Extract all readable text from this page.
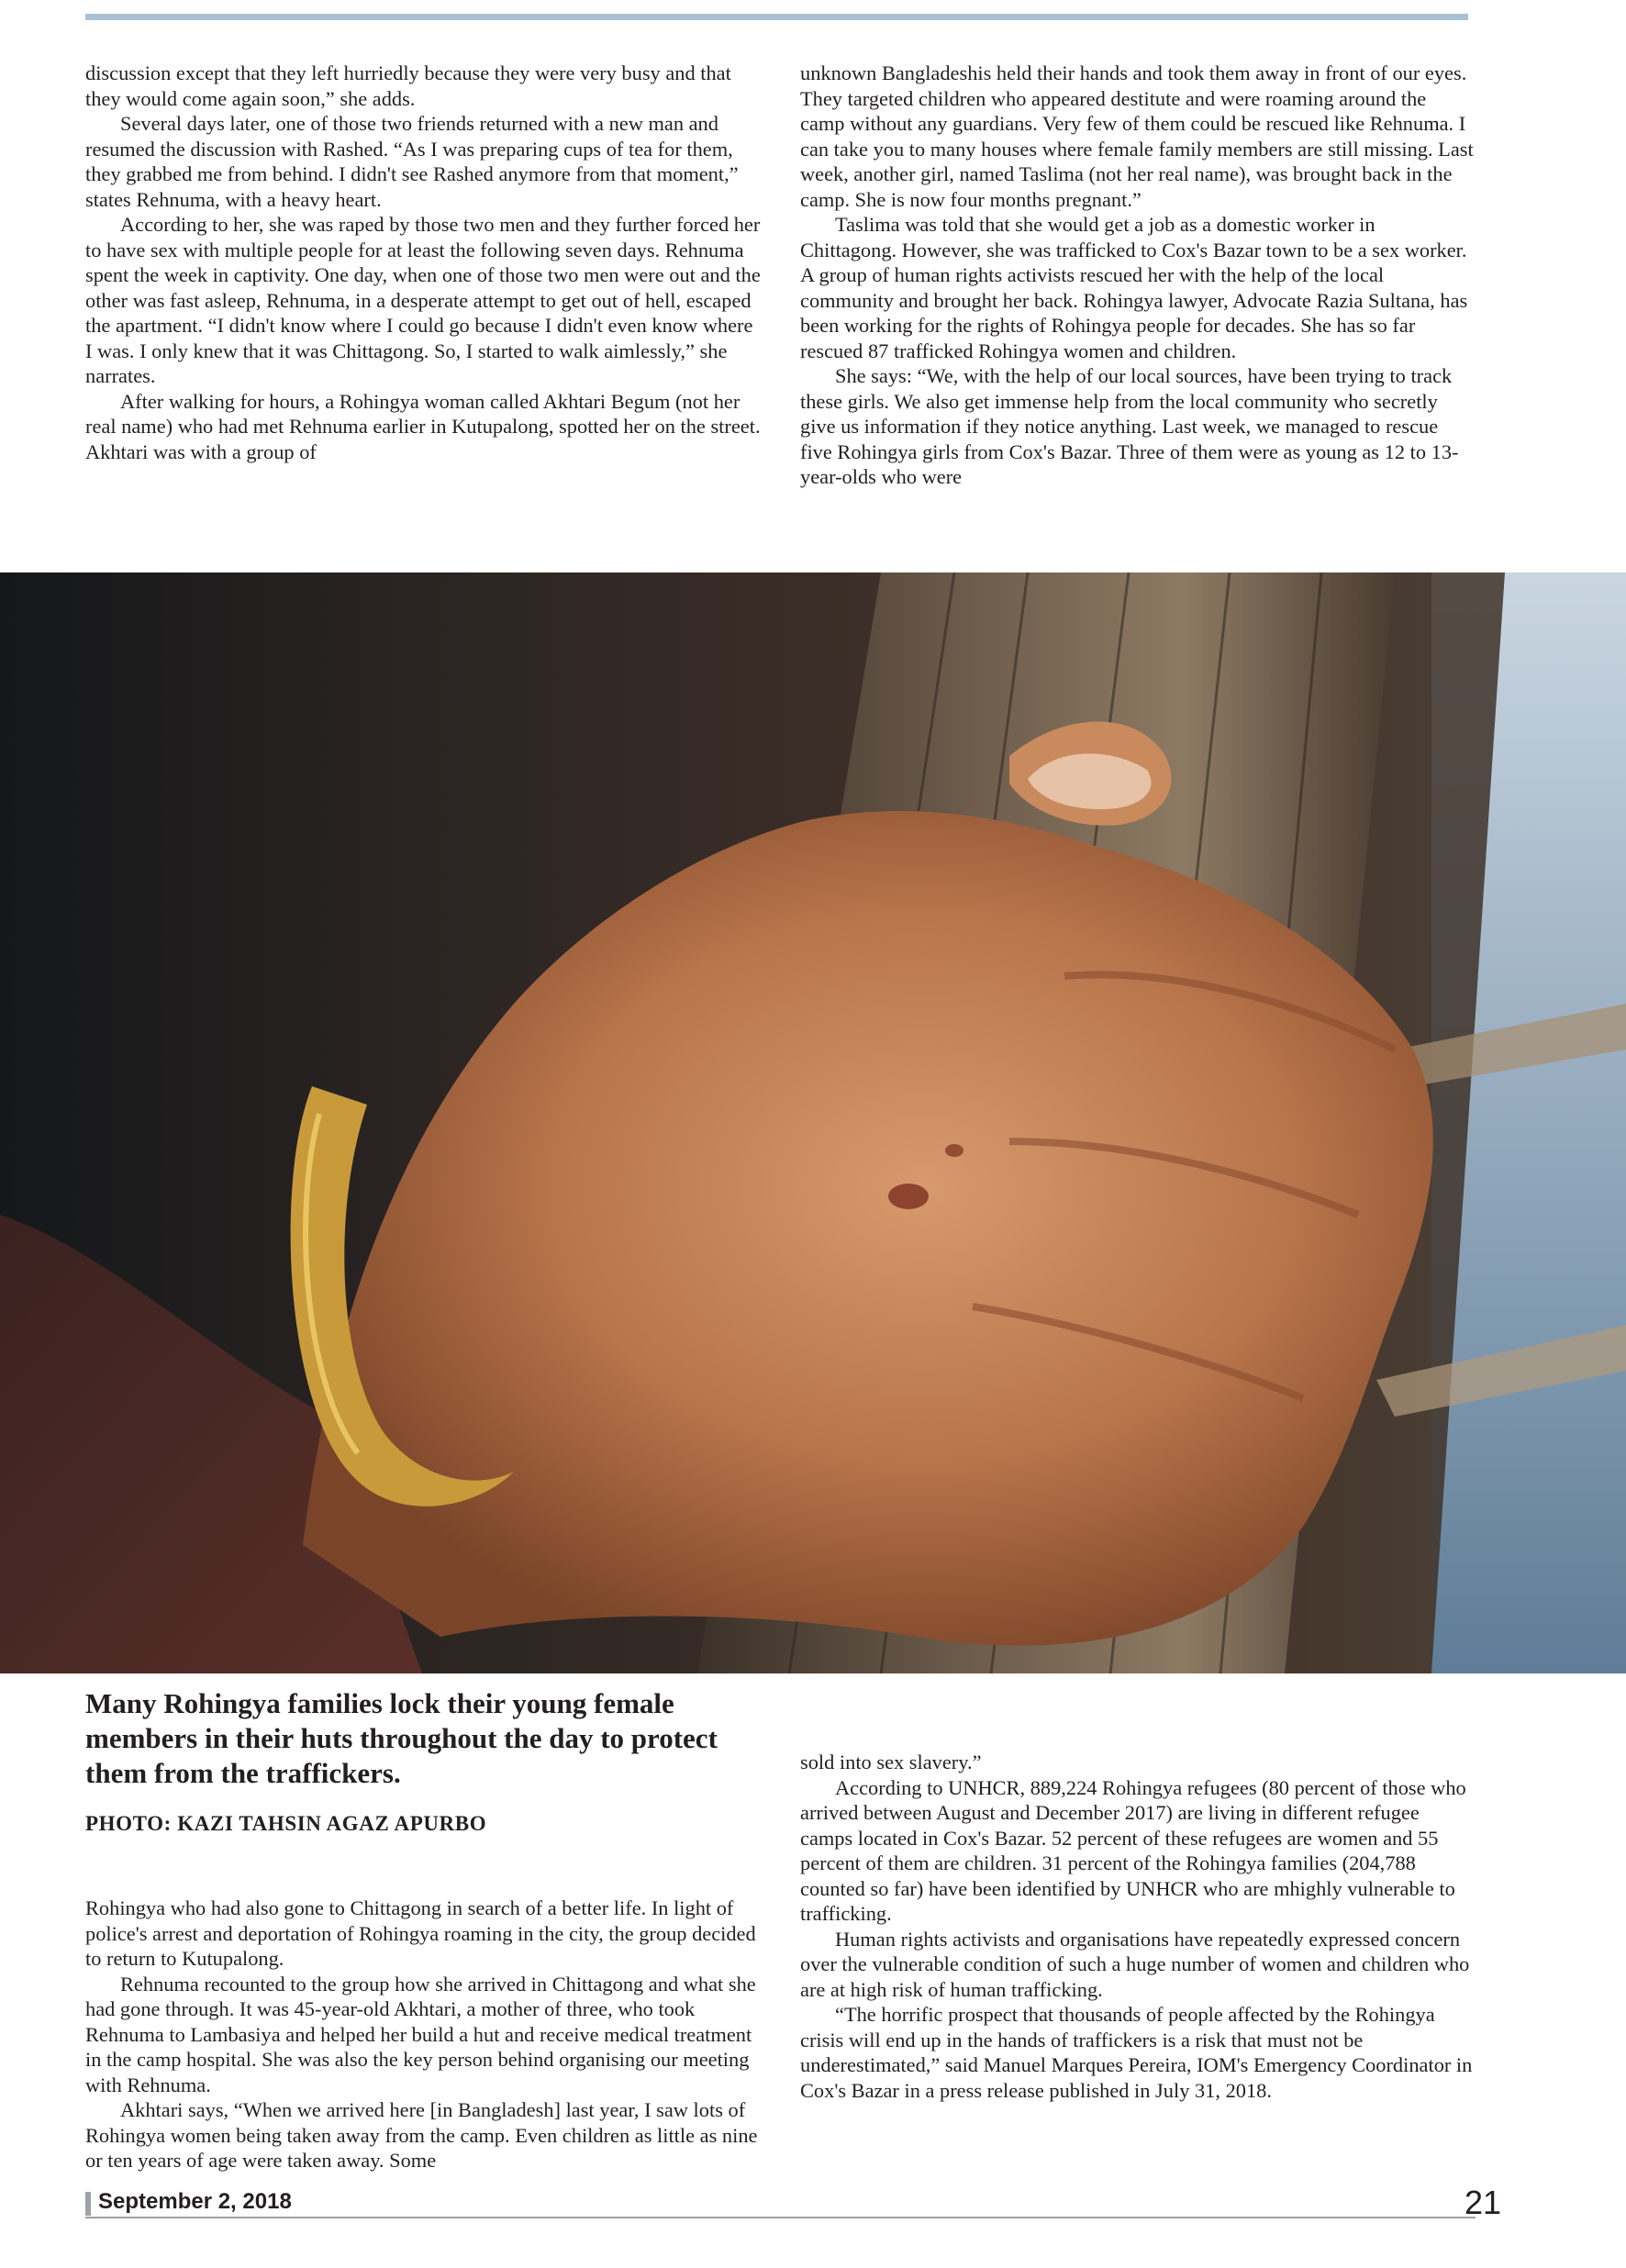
discussion except that they left hurriedly because they were very busy and that they would come again soon,” she adds.

Several days later, one of those two friends returned with a new man and resumed the discussion with Rashed. “As I was preparing cups of tea for them, they grabbed me from behind. I didn't see Rashed anymore from that moment,” states Rehnuma, with a heavy heart.

According to her, she was raped by those two men and they further forced her to have sex with multiple people for at least the following seven days. Rehnuma spent the week in captivity. One day, when one of those two men were out and the other was fast asleep, Rehnuma, in a desperate attempt to get out of hell, escaped the apartment. “I didn't know where I could go because I didn't even know where I was. I only knew that it was Chittagong. So, I started to walk aimlessly,” she narrates.

After walking for hours, a Rohingya woman called Akhtari Begum (not her real name) who had met Rehnuma earlier in Kutupalong, spotted her on the street. Akhtari was with a group of

unknown Bangladeshis held their hands and took them away in front of our eyes. They targeted children who appeared destitute and were roaming around the camp without any guardians. Very few of them could be rescued like Rehnuma. I can take you to many houses where female family members are still missing. Last week, another girl, named Taslima (not her real name), was brought back in the camp. She is now four months pregnant.”

Taslima was told that she would get a job as a domestic worker in Chittagong. However, she was trafficked to Cox's Bazar town to be a sex worker. A group of human rights activists rescued her with the help of the local community and brought her back. Rohingya lawyer, Advocate Razia Sultana, has been working for the rights of Rohingya people for decades. She has so far rescued 87 trafficked Rohingya women and children.

She says: “We, with the help of our local sources, have been trying to track these girls. We also get immense help from the local community who secretly give us information if they notice anything. Last week, we managed to rescue five Rohingya girls from Cox's Bazar. Three of them were as young as 12 to 13-year-olds who were

Many Rohingya families lock their young female members in their huts throughout the day to protect them from the traffickers.
PHOTO: KAZI TAHSIN AGAZ APURBO

Rohingya who had also gone to Chittagong in search of a better life. In light of police's arrest and deportation of Rohingya roaming in the city, the group decided to return to Kutupalong.

Rehnuma recounted to the group how she arrived in Chittagong and what she had gone through. It was 45-year-old Akhtari, a mother of three, who took Rehnuma to Lambasiya and helped her build a hut and receive medical treatment in the camp hospital. She was also the key person behind organising our meeting with Rehnuma.

Akhtari says, “When we arrived here [in Bangladesh] last year, I saw lots of Rohingya women being taken away from the camp. Even children as little as nine or ten years of age were taken away. Some

sold into sex slavery.”

According to UNHCR, 889,224 Rohingya refugees (80 percent of those who arrived between August and December 2017) are living in different refugee camps located in Cox's Bazar. 52 percent of these refugees are women and 55 percent of them are children. 31 percent of the Rohingya families (204,788 counted so far) have been identified by UNHCR who are mhighly vulnerable to trafficking.

Human rights activists and organisations have repeatedly expressed concern over the vulnerable condition of such a huge number of women and children who are at high risk of human trafficking.

“The horrific prospect that thousands of people affected by the Rohingya crisis will end up in the hands of traffickers is a risk that must not be underestimated,” said Manuel Marques Pereira, IOM's Emergency Coordinator in Cox's Bazar in a press release published in July 31, 2018.

September 2, 2018	21
